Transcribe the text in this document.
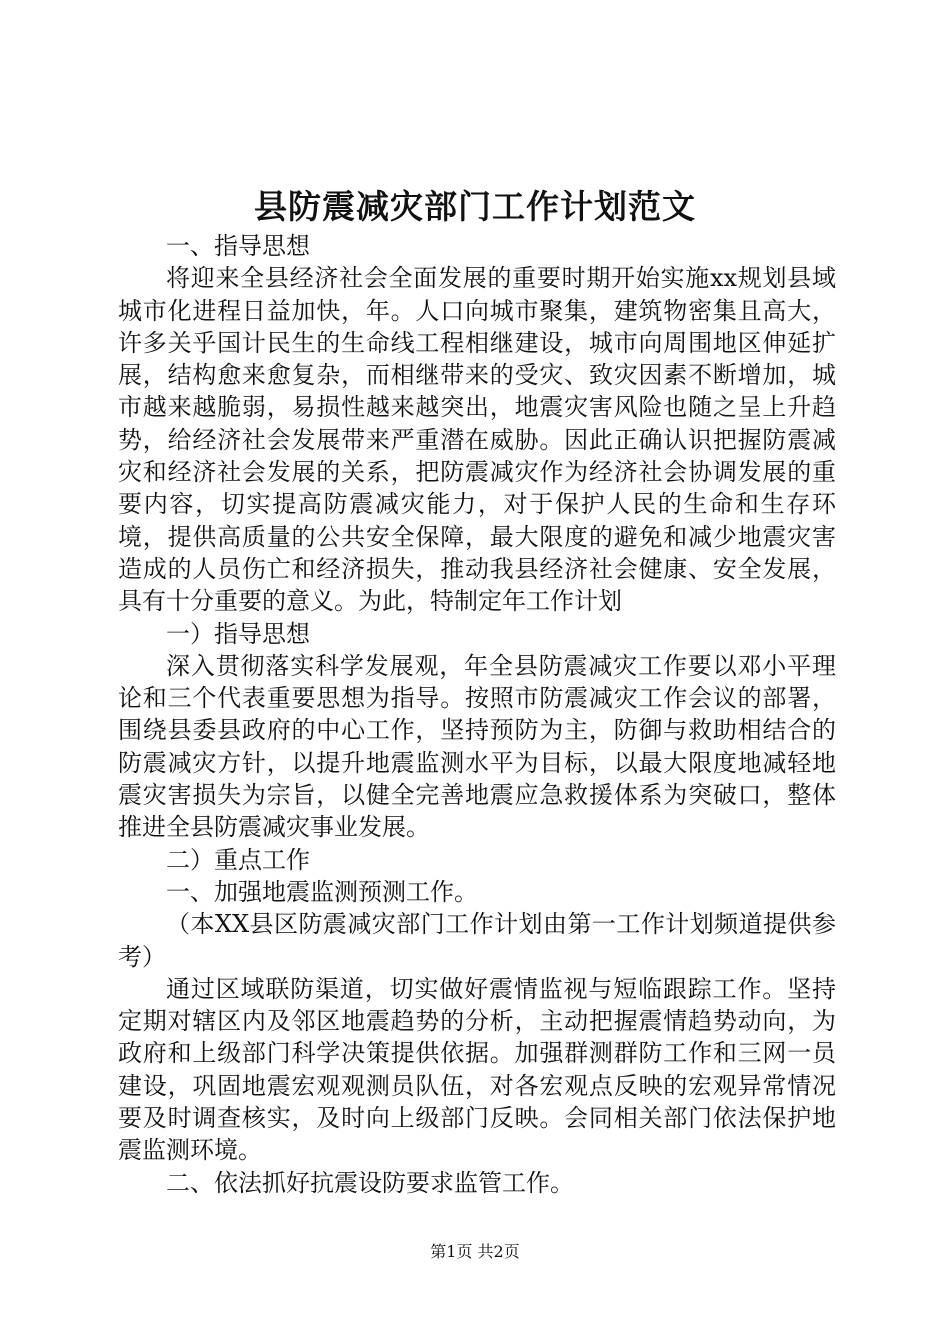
县防震减灾部门工作计划范文

一、指导思想

将迎来全县经济社会全面发展的重要时期开始实施xx规划县域城市化进程日益加快，年。人口向城市聚集，建筑物密集且高大，许多关乎国计民生的生命线工程相继建设，城市向周围地区伸延扩展，结构愈来愈复杂，而相继带来的受灾、致灾因素不断增加，城市越来越脆弱，易损性越来越突出，地震灾害风险也随之呈上升趋势，给经济社会发展带来严重潜在威胁。因此正确认识把握防震减灾和经济社会发展的关系，把防震减灾作为经济社会协调发展的重要内容，切实提高防震减灾能力，对于保护人民的生命和生存环境，提供高质量的公共安全保障，最大限度的避免和减少地震灾害造成的人员伤亡和经济损失，推动我县经济社会健康、安全发展，具有十分重要的意义。为此，特制定年工作计划

一）指导思想

深入贯彻落实科学发展观，年全县防震减灾工作要以邓小平理论和三个代表重要思想为指导。按照市防震减灾工作会议的部署，围绕县委县政府的中心工作，坚持预防为主，防御与救助相结合的防震减灾方针，以提升地震监测水平为目标，以最大限度地减轻地震灾害损失为宗旨，以健全完善地震应急救援体系为突破口，整体推进全县防震减灾事业发展。

二）重点工作

一、加强地震监测预测工作。

（本XX县区防震减灾部门工作计划由第一工作计划频道提供参考）

通过区域联防渠道，切实做好震情监视与短临跟踪工作。坚持定期对辖区内及邻区地震趋势的分析，主动把握震情趋势动向，为政府和上级部门科学决策提供依据。加强群测群防工作和三网一员建设，巩固地震宏观观测员队伍，对各宏观点反映的宏观异常情况要及时调查核实，及时向上级部门反映。会同相关部门依法保护地震监测环境。

二、依法抓好抗震设防要求监管工作。

第1页 共2页
